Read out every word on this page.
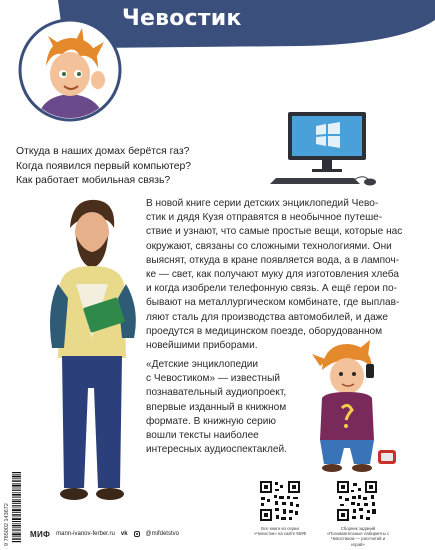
Чевостик
Откуда в наших домах берётся газ?
Когда появился первый компьютер?
Как работает мобильная связь?
В новой книге серии детских энциклопедий Чево-
стик и дядя Кузя отправятся в необычное путеше-
ствие и узнают, что самые простые вещи, которые нас
окружают, связаны со сложными технологиями. Они
выяснят, откуда в кране появляется вода, а в лампоч-
ке — свет, как получают муку для изготовления хлеба
и когда изобрели телефонную связь. А ещё герои по-
бывают на металлургическом комбинате, где выплав-
ляют сталь для производства автомобилей, и даже
проедутся в медицинском поезде, оборудованном
новейшими приборами.
«Детские энциклопедии
с Чевостиком» — известный
познавательный аудиопроект,
впервые изданный в книжном
формате. В книжную серию
вошли тексты наиболее
интересных аудиоспектаклей.
9 785002 143672	Все книги из серии «Чевостик» на сайте МИФ
Сборник заданий «Познавательные лабиринты с Чевостиком — рассчитай и играй»
МИФ mann-ivanov-ferber.ru vk	@mifdetstvo
